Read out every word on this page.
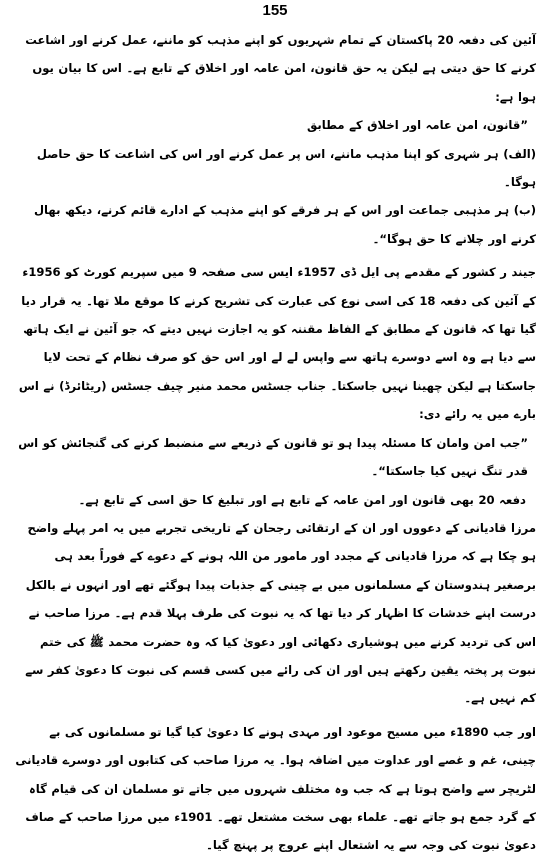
155

آئین کی دفعہ 20 پاکستان کے تمام شہریوں کو اپنے مذہب کو ماننے، عمل کرنے اور اشاعت کرنے کا حق دیتی ہے لیکن یہ حق قانون، امن عامہ اور اخلاق کے تابع ہے۔ اس کا بیان یوں ہوا ہے:

”قانون، امن عامہ اور اخلاق کے مطابق

(الف) ہر شہری کو اپنا مذہب ماننے، اس پر عمل کرنے اور اس کی اشاعت کا حق حاصل ہوگا۔

(ب) ہر مذہبی جماعت اور اس کے ہر فرقے کو اپنے مذہب کے ادارے قائم کرنے، دیکھ بھال کرنے اور چلانے کا حق ہوگا“۔

جیند ر کشور کے مقدمے پی ایل ڈی 1957ء ایس سی صفحہ 9 میں سپریم کورٹ کو 1956ء کے آئین کی دفعہ 18 کی اسی نوع کی عبارت کی تشریح کرنے کا موقع ملا تھا۔ یہ قرار دیا گیا تھا کہ قانون کے مطابق کے الفاظ مقننہ کو یہ اجازت نہیں دیتے کہ جو آئین نے ایک ہاتھ سے دیا ہے وہ اسے دوسرے ہاتھ سے واپس لے لے اور اس حق کو صرف نظام کے تحت لایا جاسکتا ہے لیکن چھینا نہیں جاسکتا۔ جناب جسٹس محمد منیر چیف جسٹس (ریٹائرڈ) نے اس بارے میں یہ رائے دی:

”جب امن وامان کا مسئلہ پیدا ہو تو قانون کے ذریعے سے منضبط کرنے کی گنجائش کو اس قدر تنگ نہیں کیا جاسکتا“۔

دفعہ 20 بھی قانون اور امن عامہ کے تابع ہے اور تبلیغ کا حق اسی کے تابع ہے۔

مرزا قادیانی کے دعووں اور ان کے ارتقائی رجحان کے تاریخی تجربے میں یہ امر پہلے واضح ہو چکا ہے کہ مرزا قادیانی کے مجدد اور مامور من اللہ ہونے کے دعوے کے فوراً بعد ہی برصغیر ہندوستان کے مسلمانوں میں بے چینی کے جذبات پیدا ہوگئے تھے اور انہوں نے بالکل درست اپنے خدشات کا اظہار کر دیا تھا کہ یہ نبوت کی طرف پہلا قدم ہے۔ مرزا صاحب نے اس کی تردید کرنے میں ہوشیاری دکھائی اور دعویٰ کیا کہ وہ حضرت محمد ﷺ کی ختم نبوت پر پختہ یقین رکھتے ہیں اور ان کی رائے میں کسی قسم کی نبوت کا دعویٰ کفر سے کم نہیں ہے۔

اور جب 1890ء میں مسیح موعود اور مہدی ہونے کا دعویٰ کیا گیا تو مسلمانوں کی بے چینی، غم و غصے اور عداوت میں اضافہ ہوا۔ یہ مرزا صاحب کی کتابوں اور دوسرے قادیانی لٹریچر سے واضح ہوتا ہے کہ جب وہ مختلف شہروں میں جاتے تو مسلمان ان کی قیام گاہ کے گرد جمع ہو جاتے تھے۔ علماء بھی سخت مشتعل تھے۔ 1901ء میں مرزا صاحب کے صاف دعویٰ نبوت کی وجہ سے یہ اشتعال اپنے عروج پر پہنچ گیا۔
